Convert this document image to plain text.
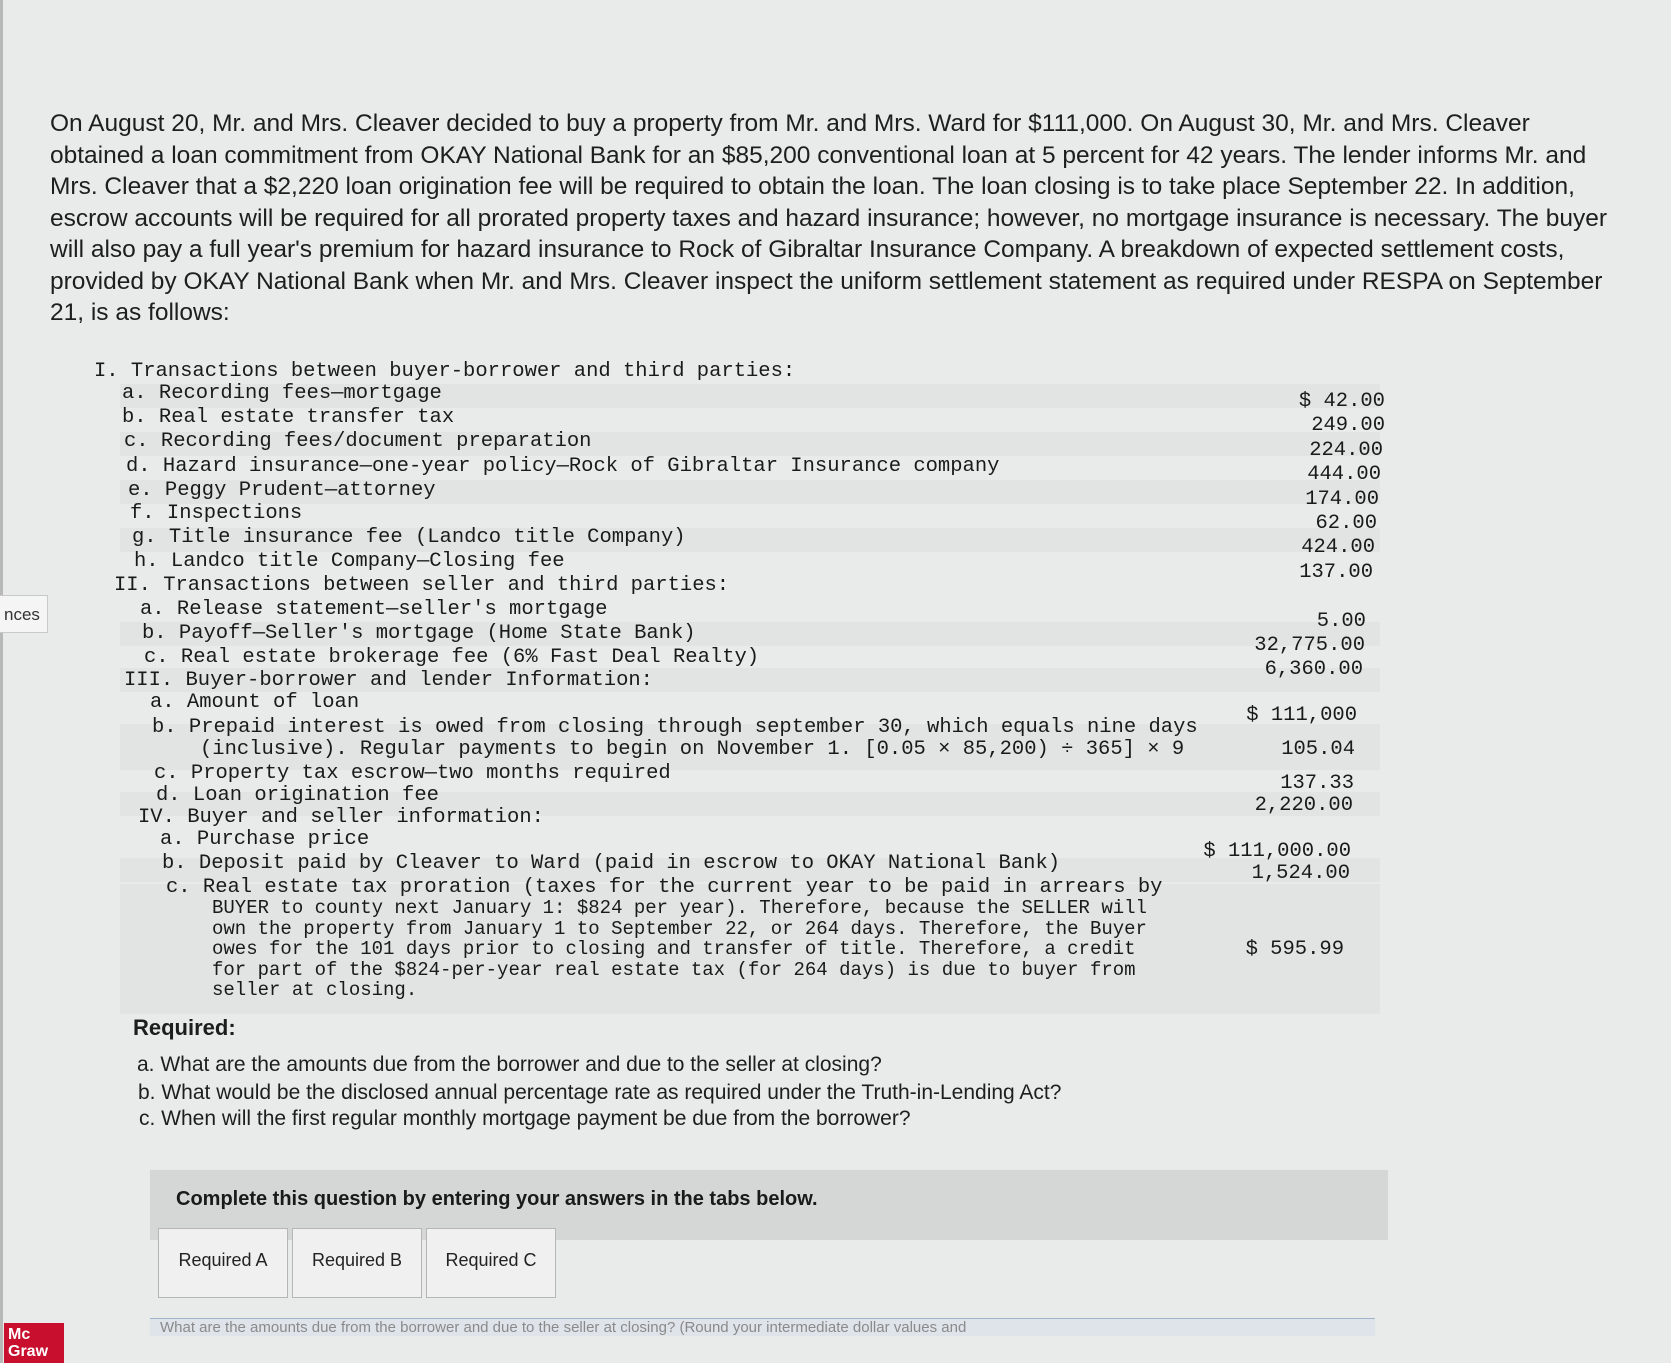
nces
Mc
Graw
On August 20, Mr. and Mrs. Cleaver decided to buy a property from Mr. and Mrs. Ward for $111,000. On August 30, Mr. and Mrs. Cleaver obtained a loan commitment from OKAY National Bank for an $85,200 conventional loan at 5 percent for 42 years. The lender informs Mr. and Mrs. Cleaver that a $2,220 loan origination fee will be required to obtain the loan. The loan closing is to take place September 22. In addition, escrow accounts will be required for all prorated property taxes and hazard insurance; however, no mortgage insurance is necessary. The buyer will also pay a full year's premium for hazard insurance to Rock of Gibraltar Insurance Company. A breakdown of expected settlement costs, provided by OKAY National Bank when Mr. and Mrs. Cleaver inspect the uniform settlement statement as required under RESPA on September 21, is as follows:
I. Transactions between buyer-borrower and third parties:
a. Recording fees—mortgage
b. Real estate transfer tax
c. Recording fees/document preparation
d. Hazard insurance—one-year policy—Rock of Gibraltar Insurance company
e. Peggy Prudent—attorney
f. Inspections
g. Title insurance fee (Landco title Company)
h. Landco title Company—Closing fee
$ 42.00
249.00
224.00
444.00
174.00
62.00
424.00
137.00
II. Transactions between seller and third parties:
a. Release statement—seller's mortgage
b. Payoff—Seller's mortgage (Home State Bank)
c. Real estate brokerage fee (6% Fast Deal Realty)
5.00
32,775.00
6,360.00
III. Buyer-borrower and lender Information:
a. Amount of loan
b. Prepaid interest is owed from closing through september 30, which equals nine days
(inclusive). Regular payments to begin on November 1. [0.05 × 85,200) ÷ 365] × 9
c. Property tax escrow—two months required
d. Loan origination fee
$ 111,000
105.04
137.33
2,220.00
IV. Buyer and seller information:
a. Purchase price
b. Deposit paid by Cleaver to Ward (paid in escrow to OKAY National Bank)
c. Real estate tax proration (taxes for the current year to be paid in arrears by
BUYER to county next January 1: $824 per year). Therefore, because the SELLER will own the property from January 1 to September 22, or 264 days. Therefore, the Buyer owes for the 101 days prior to closing and transfer of title. Therefore, a credit for part of the $824-per-year real estate tax (for 264 days) is due to buyer from seller at closing.
$ 111,000.00
1,524.00
$ 595.99
Required:
a. What are the amounts due from the borrower and due to the seller at closing?
b. What would be the disclosed annual percentage rate as required under the Truth-in-Lending Act?
c. When will the first regular monthly mortgage payment be due from the borrower?
Complete this question by entering your answers in the tabs below.
Required A	Required B	Required C
What are the amounts due from the borrower and due to the seller at closing? (Round your intermediate dollar values and
